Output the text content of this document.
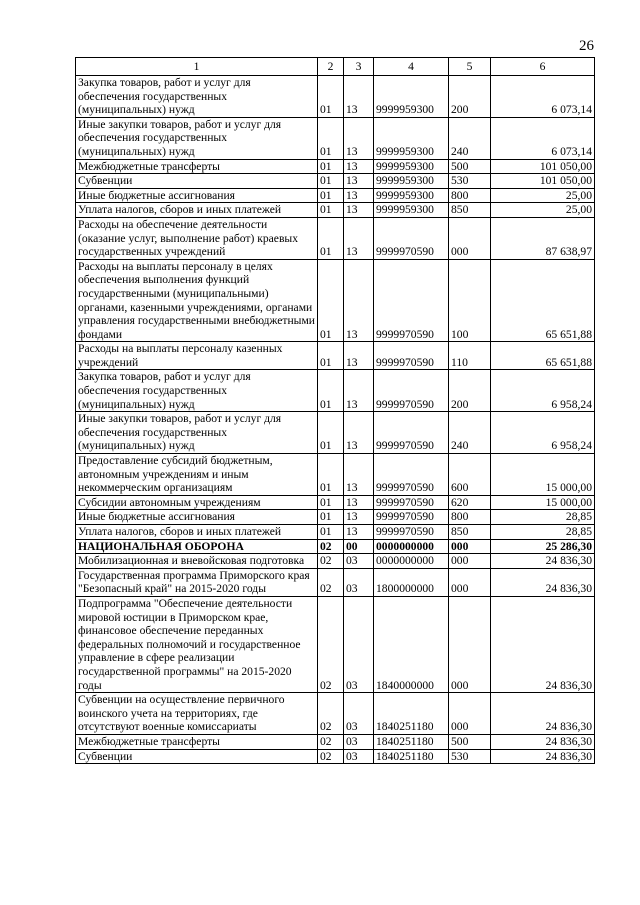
26
1	2	3	4	5	6
Закупка товаров, работ и услуг для обеспечения государственных (муниципальных) нужд	01	13	9999959300	200	6 073,14
Иные закупки товаров, работ и услуг для обеспечения государственных (муниципальных) нужд	01	13	9999959300	240	6 073,14
Межбюджетные трансферты	01	13	9999959300	500	101 050,00
Субвенции	01	13	9999959300	530	101 050,00
Иные бюджетные ассигнования	01	13	9999959300	800	25,00
Уплата налогов, сборов и иных платежей	01	13	9999959300	850	25,00
Расходы на обеспечение деятельности (оказание услуг, выполнение работ) краевых государственных учреждений	01	13	9999970590	000	87 638,97
Расходы на выплаты персоналу в целях обеспечения выполнения функций государственными (муниципальными) органами, казенными учреждениями, органами управления государственными внебюджетными фондами	01	13	9999970590	100	65 651,88
Расходы на выплаты персоналу казенных учреждений	01	13	9999970590	110	65 651,88
Закупка товаров, работ и услуг для обеспечения государственных (муниципальных) нужд	01	13	9999970590	200	6 958,24
Иные закупки товаров, работ и услуг для обеспечения государственных (муниципальных) нужд	01	13	9999970590	240	6 958,24
Предоставление субсидий бюджетным, автономным учреждениям и иным некоммерческим организациям	01	13	9999970590	600	15 000,00
Субсидии автономным учреждениям	01	13	9999970590	620	15 000,00
Иные бюджетные ассигнования	01	13	9999970590	800	28,85
Уплата налогов, сборов и иных платежей	01	13	9999970590	850	28,85
НАЦИОНАЛЬНАЯ ОБОРОНА	02	00	0000000000	000	25 286,30
Мобилизационная и вневойсковая подготовка	02	03	0000000000	000	24 836,30
Государственная программа Приморского края "Безопасный край" на 2015-2020 годы	02	03	1800000000	000	24 836,30
Подпрограмма "Обеспечение деятельности мировой юстиции в Приморском крае, финансовое обеспечение переданных федеральных полномочий и государственное управление в сфере реализации государственной программы" на 2015-2020 годы	02	03	1840000000	000	24 836,30
Субвенции на осуществление первичного воинского учета на территориях, где отсутствуют военные комиссариаты	02	03	1840251180	000	24 836,30
Межбюджетные трансферты	02	03	1840251180	500	24 836,30
Субвенции	02	03	1840251180	530	24 836,30
